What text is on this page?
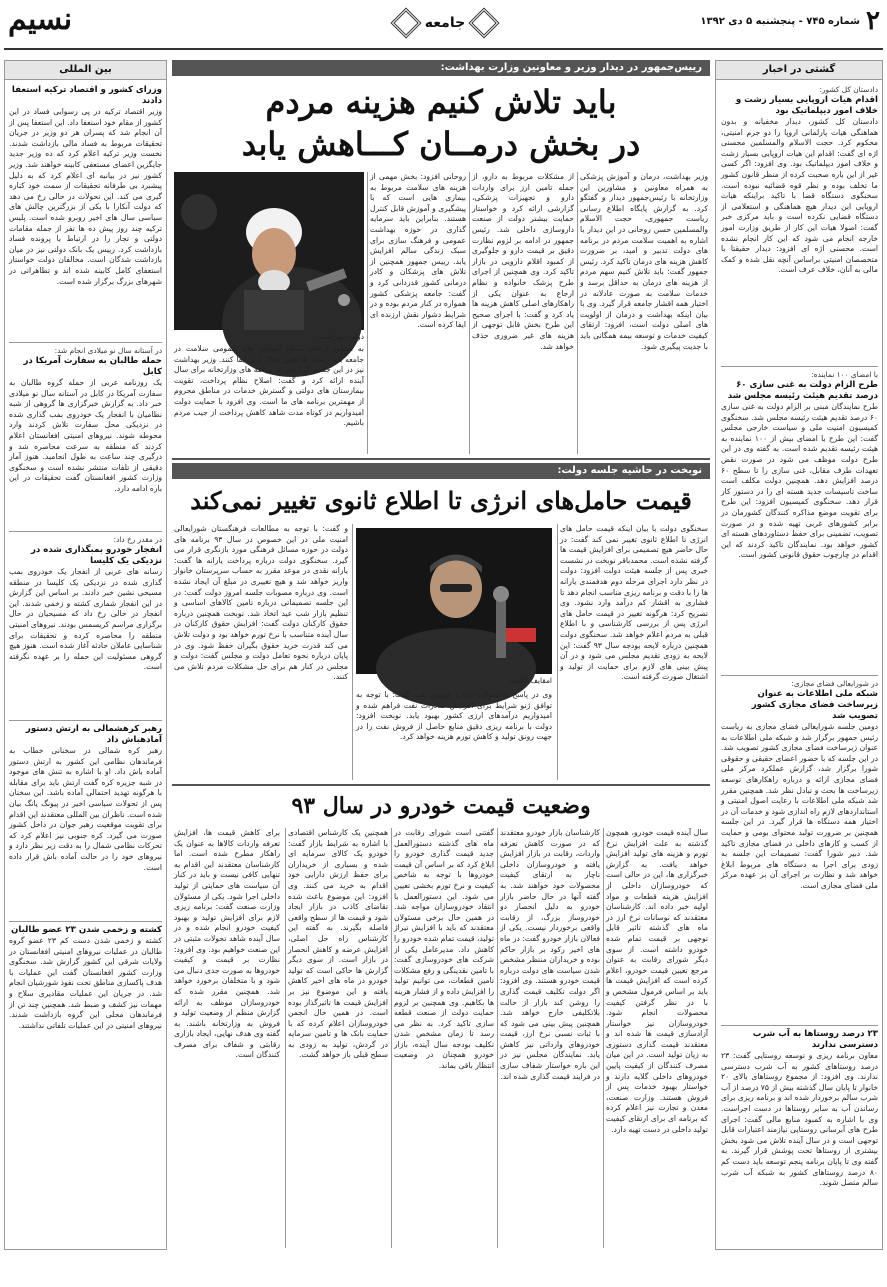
نسیم	جامعه	شماره ۷۴۵ - پنجشنبه ۵ دی ۱۳۹۲ ۲
بین المللی
وزرای کشور و اقتصاد ترکیه استعفا دادند
وزیر اقتصاد ترکیه در پی رسوایی فساد در این کشور از مقام خود استعفا داد. این استعفا پس از آن انجام شد که پسران هر دو وزیر در جریان تحقیقات مربوط به فساد مالی بازداشت شدند. نخست وزیر ترکیه اعلام کرد که ده وزیر جدید جایگزین اعضای مستعفی کابینه خواهند شد. وزیر کشور نیز در بیانیه ای اعلام کرد که به دلیل پیشبرد بی طرفانه تحقیقات از سمت خود کناره گیری می کند. این تحولات در حالی رخ می دهد که دولت آنکارا با یکی از بزرگترین چالش های سیاسی سال های اخیر روبرو شده است. پلیس ترکیه چند روز پیش ده ها نفر از جمله مقامات دولتی و تجار را در ارتباط با پرونده فساد بازداشت کرد. رییس یک بانک دولتی نیز در میان بازداشت شدگان است. مخالفان دولت خواستار استعفای کامل کابینه شده اند و تظاهراتی در شهرهای بزرگ برگزار شده است.
در آستانه سال نو میلادی انجام شد:
حمله طالبان به سفارت آمریکا در کابل
یک روزنامه عربی از حمله گروه طالبان به سفارت آمریکا در کابل در آستانه سال نو میلادی خبر داد. به گزارش خبرگزاری ها گروهی از شبه نظامیان با انفجار یک خودروی بمب گذاری شده در نزدیکی محل سفارت تلاش کردند وارد محوطه شوند. نیروهای امنیتی افغانستان اعلام کردند که منطقه به سرعت محاصره شد و درگیری چند ساعت به طول انجامید. هنوز آمار دقیقی از تلفات منتشر نشده است و سخنگوی وزارت کشور افغانستان گفت تحقیقات در این باره ادامه دارد.
در مقدر رخ داد:
انفجار خودرو بمبگذاری شده در نزدیکی یک کلیسا
رسانه های عربی از انفجار یک خودروی بمب گذاری شده در نزدیکی یک کلیسا در منطقه مسیحی نشین خبر دادند. بر اساس این گزارش در این انفجار شماری کشته و زخمی شدند. این انفجار در حالی رخ داد که مسیحیان در حال برگزاری مراسم کریسمس بودند. نیروهای امنیتی منطقه را محاصره کرده و تحقیقات برای شناسایی عاملان حادثه آغاز شده است. هنوز هیچ گروهی مسئولیت این حمله را بر عهده نگرفته است.
رهبر کرهشمالی به ارتش دستور آمادهباش داد
رهبر کره شمالی در سخنانی خطاب به فرماندهان نظامی این کشور به ارتش دستور آماده باش داد. او با اشاره به تنش های موجود در شبه جزیره کره گفت ارتش باید برای مقابله با هرگونه تهدید احتمالی آماده باشد. این سخنان پس از تحولات سیاسی اخیر در پیونگ یانگ بیان شده است. ناظران بین المللی معتقدند این اقدام برای تقویت موقعیت رهبر جوان در داخل کشور صورت می گیرد. کره جنوبی نیز اعلام کرد که تحرکات نظامی شمال را به دقت زیر نظر دارد و نیروهای خود را در حالت آماده باش قرار داده است.
کشته و زخمی شدن ۲۳ عضو طالبان
کشته و زخمی شدن دست کم ۲۳ عضو گروه طالبان در عملیات نیروهای امنیتی افغانستان در ولایات شرقی این کشور گزارش شد. سخنگوی وزارت کشور افغانستان گفت این عملیات با هدف پاکسازی مناطق تحت نفوذ شورشیان انجام شد. در جریان این عملیات مقادیری سلاح و مهمات نیز کشف و ضبط شد. همچنین چند تن از فرماندهان محلی این گروه بازداشت شدند. نیروهای امنیتی در این عملیات تلفاتی نداشتند.
گشتی در اخبار
دادستان کل کشور:
اقدام هیات اروپایی بسیار زشت و خلاف امور دیپلماتیک بود
دادستان کل کشور، دیدار مخفیانه و بدون هماهنگی هیات پارلمانی اروپا را دو جرم امنیتی، محکوم کرد. حجت الاسلام والمسلمین محسنی اژه ای گفت: اقدام این هیات اروپایی بسیار زشت و خلاف امور دیپلماتیک بود. وی افزود: اگر کسی غیر از این باره صحبت کرده از منظر قانون کشور ما تخلف بوده و نظر قوه قضائیه نبوده است. سخنگوی دستگاه قضا با تاکید براینکه هیات اروپایی این دیدار هیچ هماهنگی و استعلامی از دستگاه قضایی نکرده است و باید مرکزی خبر گفت: اصولا هیات این کار از طریق وزارت امور خارجه انجام می شود که این کار انجام نشده است. محسنی اژه ای افزود: دیدار حقیقتا با متخصصان امنیتی براساس آنچه نقل شده و کمک مالی به آنان، خلاف عرف است.
با امضای ۱۰۰ نماینده:
طرح الزام دولت به غنی سازی ۶۰ درصد تقدیم هیئت رئیسه مجلس شد
طرح نمایندگان مبنی بر الزام دولت به غنی سازی ۶۰ درصد تقدیم هیئت رئیسه مجلس شد. سخنگوی کمیسیون امنیت ملی و سیاست خارجی مجلس گفت: این طرح با امضای بیش از ۱۰۰ نماینده به هیئت رئیسه تقدیم شده است. به گفته وی در این طرح دولت موظف می شود در صورت نقض تعهدات طرف مقابل، غنی سازی را تا سطح ۶۰ درصد افزایش دهد. همچنین دولت مکلف است ساخت تاسیسات جدید هسته ای را در دستور کار قرار دهد. سخنگوی کمیسیون افزود: این طرح برای تقویت موضع مذاکره کنندگان کشورمان در برابر کشورهای غربی تهیه شده و در صورت تصویب، تضمینی برای حفظ دستاوردهای هسته ای کشور خواهد بود. نمایندگان تاکید کردند که این اقدام در چارچوب حقوق قانونی کشور است.
در شورایعالی فضای مجازی:
شبکه ملی اطلاعات به عنوان زیرساخت فضای مجازی کشور تصویب شد
دومین جلسه شورایعالی فضای مجازی به ریاست رئیس جمهور برگزار شد و شبکه ملی اطلاعات به عنوان زیرساخت فضای مجازی کشور تصویب شد. در این جلسه که با حضور اعضای حقیقی و حقوقی شورا برگزار شد، گزارش عملکرد مرکز ملی فضای مجازی ارائه و درباره راهکارهای توسعه زیرساخت ها بحث و تبادل نظر شد. همچنین مقرر شد شبکه ملی اطلاعات با رعایت اصول امنیتی و استانداردهای لازم راه اندازی شود و خدمات آن در اختیار همه دستگاه ها قرار گیرد. در این جلسه همچنین بر ضرورت تولید محتوای بومی و حمایت از کسب و کارهای داخلی در فضای مجازی تاکید شد. دبیر شورا گفت: تصمیمات این جلسه به زودی برای اجرا به دستگاه های مربوط ابلاغ خواهد شد و نظارت بر اجرای آن بر عهده مرکز ملی فضای مجازی است.
۲۳ درصد روستاها به آب شرب دسترسی ندارند
معاون برنامه ریزی و توسعه روستایی گفت: ۲۳ درصد روستاهای کشور به آب شرب دسترسی ندارند. وی افزود: از مجموع روستاهای بالای ۲۰ خانوار تا پایان سال گذشته بیش از ۷۵ درصد از آب شرب سالم برخوردار شده اند و برنامه ریزی برای رساندن آب به سایر روستاها در دست اجراست. وی با اشاره به کمبود منابع مالی گفت: اجرای طرح های آبرسانی روستایی نیازمند اعتبارات قابل توجهی است و در سال آینده تلاش می شود بخش بیشتری از روستاها تحت پوشش قرار گیرند. به گفته وی تا پایان برنامه پنجم توسعه باید دست کم ۸۰ درصد روستاهای کشور به شبکه آب شرب سالم متصل شوند.
رییس‌جمهور در دیدار وزیر و معاونین وزارت بهداشت:
باید تلاش کنیم هزینه مردم
در بخش درمــان کـــاهش یابد
دولت مهرامت.
وزیر بهداشت، درمان و آموزش پزشکی به همراه معاونین و مشاورین این وزارتخانه با رئیس‌جمهور دیدار و گفتگو کرد. به گزارش پایگاه اطلاع رسانی ریاست جمهوری، حجت الاسلام والمسلمین حسن روحانی در این دیدار با اشاره به اهمیت سلامت مردم در برنامه های دولت تدبیر و امید، بر ضرورت کاهش هزینه های درمان تاکید کرد. رئیس جمهور گفت: باید تلاش کنیم سهم مردم از هزینه های درمان به حداقل برسد و خدمات سلامت به صورت عادلانه در اختیار همه اقشار جامعه قرار گیرد. وی با بیان اینکه بهداشت و درمان از اولویت های اصلی دولت است، افزود: ارتقای کیفیت خدمات و توسعه بیمه همگانی باید با جدیت پیگیری شود.
از مشکلات مربوط به دارو، از جمله تامین ارز برای واردات دارو و تجهیزات پزشکی، گزارشی ارائه کرد و خواستار حمایت بیشتر دولت از صنعت داروسازی داخلی شد. رئیس جمهور در ادامه بر لزوم نظارت دقیق بر قیمت دارو و جلوگیری از کمبود اقلام دارویی در بازار تاکید کرد. وی همچنین از اجرای طرح پزشک خانواده و نظام ارجاع به عنوان یکی از راهکارهای اصلی کاهش هزینه ها یاد کرد و گفت: با اجرای صحیح این طرح بخش قابل توجهی از هزینه های غیر ضروری حذف خواهد شد.
روحانی افزود: بخش مهمی از هزینه های سلامت مربوط به بیماری هایی است که با پیشگیری و آموزش قابل کنترل هستند. بنابراین باید سرمایه گذاری در حوزه بهداشت عمومی و فرهنگ سازی برای سبک زندگی سالم افزایش یابد. رییس جمهور همچنین از تلاش های پزشکان و کادر درمانی کشور قدردانی کرد و گفت: جامعه پزشکی کشور همواره در کنار مردم بوده و در شرایط دشوار نقش ارزنده ای ایفا کرده است.
به منظور ارتقای سطح آموزش های عمومی سلامت در جامعه باید رسانه ها نقش فعال تری ایفا کنند. وزیر بهداشت نیز در این جلسه گزارشی از برنامه های وزارتخانه برای سال آینده ارائه کرد و گفت: اصلاح نظام پرداخت، تقویت بیمارستان های دولتی و گسترش خدمات در مناطق محروم از مهمترین برنامه های ما است. وی افزود با حمایت دولت امیدواریم در کوتاه مدت شاهد کاهش پرداخت از جیب مردم باشیم.
نوبخت در حاشیه جلسه دولت:
قیمت حامل‌های انرژی تا اطلاع ثانوی تغییر نمی‌کند
سخنگوی دولت با بیان اینکه قیمت حامل های انرژی تا اطلاع ثانوی تغییر نمی کند گفت: در حال حاضر هیچ تصمیمی برای افزایش قیمت ها گرفته نشده است. محمدباقر نوبخت در نشست خبری پس از جلسه هیئت دولت افزود: دولت در نظر دارد اجرای مرحله دوم هدفمندی یارانه ها را با دقت و برنامه ریزی مناسب انجام دهد تا فشاری به اقشار کم درآمد وارد نشود. وی تصریح کرد: هرگونه تغییر در قیمت حامل های انرژی پس از بررسی کارشناسی و با اطلاع قبلی به مردم اعلام خواهد شد. سخنگوی دولت همچنین درباره لایحه بودجه سال ۹۳ گفت: این لایحه به زودی تقدیم مجلس می شود و در آن پیش بینی های لازم برای حمایت از تولید و اشتغال صورت گرفته است.
امقایف الگدید.
وی در پاسخ به سوالی درباره فروش نفت گفت: با توجه به توافق ژنو شرایط برای افزایش صادرات نفت فراهم شده و امیدواریم درآمدهای ارزی کشور بهبود یابد. نوبخت افزود: دولت با برنامه ریزی دقیق منابع حاصل از فروش نفت را در جهت رونق تولید و کاهش تورم هزینه خواهد کرد.
و گفت: با توجه به مطالعات فرهنگستان شورایعالی امنیت ملی در این خصوص در سال ۹۳ برنامه های دولت در حوزه مسائل فرهنگی مورد بازنگری قرار می گیرد. سخنگوی دولت درباره پرداخت یارانه ها گفت: یارانه نقدی در موعد مقرر به حساب سرپرستان خانوار واریز خواهد شد و هیچ تغییری در مبلغ آن ایجاد نشده است. وی درباره مصوبات جلسه امروز دولت گفت: در این جلسه تصمیماتی درباره تامین کالاهای اساسی و تنظیم بازار شب عید اتخاذ شد. نوبخت همچنین درباره حقوق کارکنان دولت گفت: افزایش حقوق کارکنان در سال آینده متناسب با نرخ تورم خواهد بود و دولت تلاش می کند قدرت خرید حقوق بگیران حفظ شود. وی در پایان درباره نحوه تعامل دولت و مجلس گفت: دولت و مجلس در کنار هم برای حل مشکلات مردم تلاش می کنند.
وضعیت قیمت خودرو در سال ۹۳
سال آینده قیمت خودرو، همچون گذشته به علت افزایش نرخ تورم و هزینه های تولید افزایش خواهد یافت. به گزارش خبرگزاری ها، این در حالی است که خودروسازان داخلی از افزایش هزینه قطعات و مواد اولیه خبر داده اند. کارشناسان معتقدند که نوسانات نرخ ارز در ماه های گذشته تاثیر قابل توجهی بر قیمت تمام شده خودرو داشته است. از سوی دیگر شورای رقابت به عنوان مرجع تعیین قیمت خودرو، اعلام کرده است که افزایش قیمت ها باید بر اساس فرمول مشخص و با در نظر گرفتن کیفیت محصولات انجام شود. خودروسازان نیز خواستار آزادسازی قیمت ها شده اند و معتقدند قیمت گذاری دستوری به زیان تولید است. در این میان مصرف کنندگان از کیفیت پایین خودروهای داخلی گلایه دارند و خواستار بهبود خدمات پس از فروش هستند. وزارت صنعت، معدن و تجارت نیز اعلام کرده که برنامه ای برای ارتقای کیفیت تولید داخلی در دست تهیه دارد.
کارشناسان بازار خودرو معتقدند که در صورت کاهش تعرفه واردات، رقابت در بازار افزایش یافته و خودروسازان داخلی ناچار به ارتقای کیفیت محصولات خود خواهند شد. به گفته آنها در حال حاضر بازار خودرو به دلیل انحصار دو خودروساز بزرگ، از رقابت واقعی برخوردار نیست. یکی از فعالان بازار خودرو گفت: در ماه های اخیر رکود بر بازار حاکم بوده و خریداران منتظر مشخص شدن سیاست های دولت درباره قیمت خودرو هستند. وی افزود: اگر دولت تکلیف قیمت گذاری را روشن کند بازار از حالت بلاتکلیفی خارج خواهد شد. همچنین پیش بینی می شود که با ثبات نسبی نرخ ارز، قیمت خودروهای وارداتی نیز کاهش یابد. نمایندگان مجلس نیز در این باره خواستار شفاف سازی در فرایند قیمت گذاری شده اند.
گفتنی است شورای رقابت در ماه های گذشته دستورالعمل جدید قیمت گذاری خودرو را ابلاغ کرد که بر اساس آن قیمت خودروها با توجه به شاخص کیفیت و نرخ تورم بخشی تعیین می شود. این دستورالعمل با انتقاد خودروسازان مواجه شد. در همین حال برخی مسئولان معتقدند که باید با افزایش تیراژ تولید، قیمت تمام شده خودرو را کاهش داد. مدیرعامل یکی از شرکت های خودروسازی گفت: با تامین نقدینگی و رفع مشکلات تامین قطعات، می توانیم تولید را افزایش داده و از فشار هزینه ها بکاهیم. وی همچنین بر لزوم حمایت دولت از صنعت قطعه سازی تاکید کرد. به نظر می رسد تا زمان مشخص شدن تکلیف بودجه سال آینده، بازار خودرو همچنان در وضعیت انتظار باقی بماند.
همچنین یک کارشناس اقتصادی با اشاره به شرایط بازار گفت: خودرو یک کالای سرمایه ای شده و بسیاری از خریداران برای حفظ ارزش دارایی خود اقدام به خرید می کنند. وی افزود: این موضوع باعث شده تقاضای کاذب در بازار ایجاد شود و قیمت ها از سطح واقعی فاصله بگیرند. به گفته این کارشناس راه حل اصلی، افزایش عرضه و کاهش انحصار در بازار است. از سوی دیگر گزارش ها حاکی است که تولید خودرو در ماه های اخیر کاهش یافته و این موضوع نیز بر افزایش قیمت ها تاثیرگذار بوده است. در همین حال انجمن خودروسازان اعلام کرده که با حمایت بانک ها و تامین سرمایه در گردش، تولید به زودی به سطح قبلی باز خواهد گشت.
برای کاهش قیمت ها، افزایش تعرفه واردات کالاها به عنوان یک راهکار مطرح شده است. اما کارشناسان معتقدند این اقدام به تنهایی کافی نیست و باید در کنار آن سیاست های حمایتی از تولید داخلی اجرا شود. یکی از مسئولان وزارت صنعت گفت: برنامه ریزی لازم برای افزایش تولید و بهبود کیفیت خودرو انجام شده و در سال آینده شاهد تحولات مثبتی در این صنعت خواهیم بود. وی افزود: نظارت بر قیمت و کیفیت خودروها به صورت جدی دنبال می شود و با متخلفان برخورد خواهد شد. همچنین مقرر شده که خودروسازان موظف به ارائه گزارش منظم از وضعیت تولید و فروش به وزارتخانه باشند. به گفته وی هدف نهایی، ایجاد بازاری رقابتی و شفاف برای مصرف کنندگان است.
